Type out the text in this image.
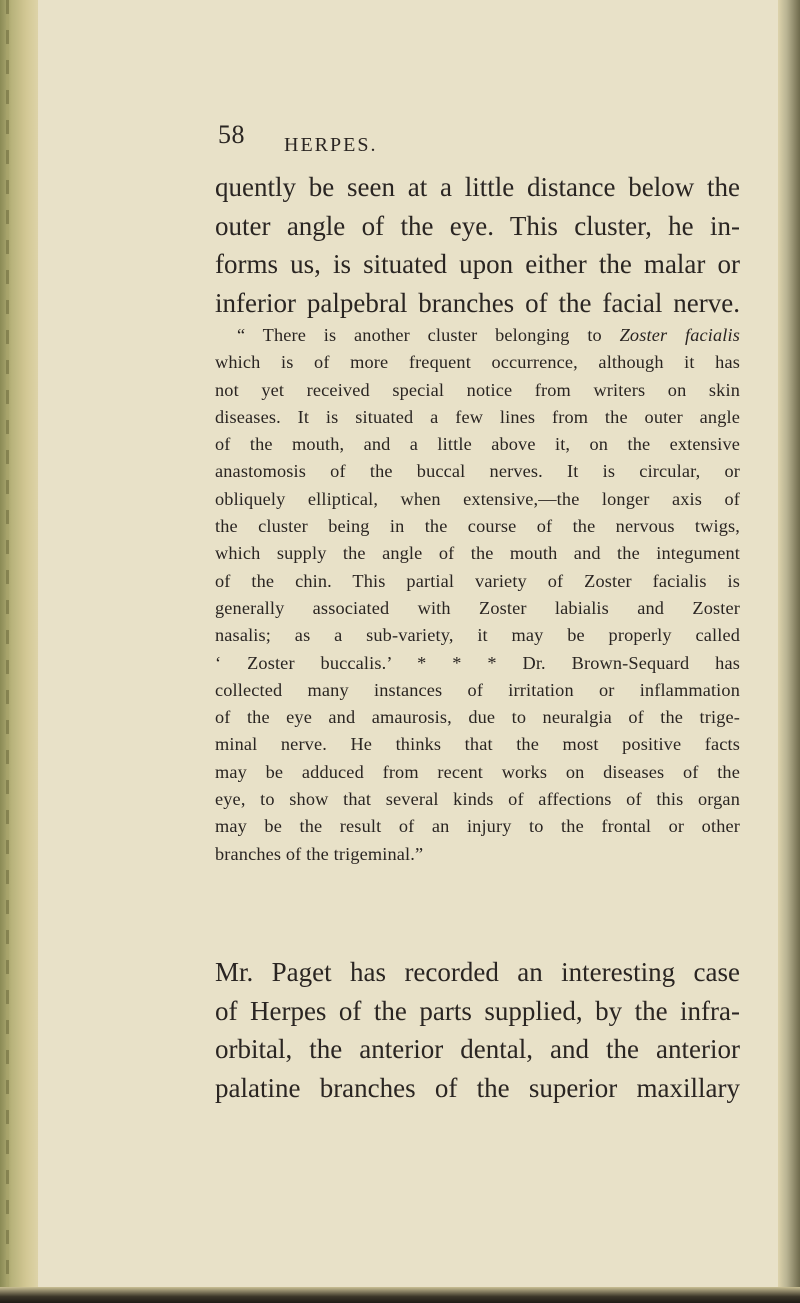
58 HERPES.
quently be seen at a little distance below the
outer angle of the eye. This cluster, he in-
forms us, is situated upon either the malar or
inferior palpebral branches of the facial nerve.
“ There is another cluster belonging to Zoster facialis
which is of more frequent occurrence, although it has
not yet received special notice from writers on skin
diseases. It is situated a few lines from the outer angle
of the mouth, and a little above it, on the extensive
anastomosis of the buccal nerves. It is circular, or
obliquely elliptical, when extensive,—the longer axis of
the cluster being in the course of the nervous twigs,
which supply the angle of the mouth and the integument
of the chin. This partial variety of Zoster facialis is
generally associated with Zoster labialis and Zoster
nasalis; as a sub-variety, it may be properly called
‘ Zoster buccalis.’ * * * Dr. Brown-Sequard has
collected many instances of irritation or inflammation
of the eye and amaurosis, due to neuralgia of the trige-
minal nerve. He thinks that the most positive facts
may be adduced from recent works on diseases of the
eye, to show that several kinds of affections of this organ
may be the result of an injury to the frontal or other
branches of the trigeminal.”
Mr. Paget has recorded an interesting case
of Herpes of the parts supplied, by the infra-
orbital, the anterior dental, and the anterior
palatine branches of the superior maxillary
